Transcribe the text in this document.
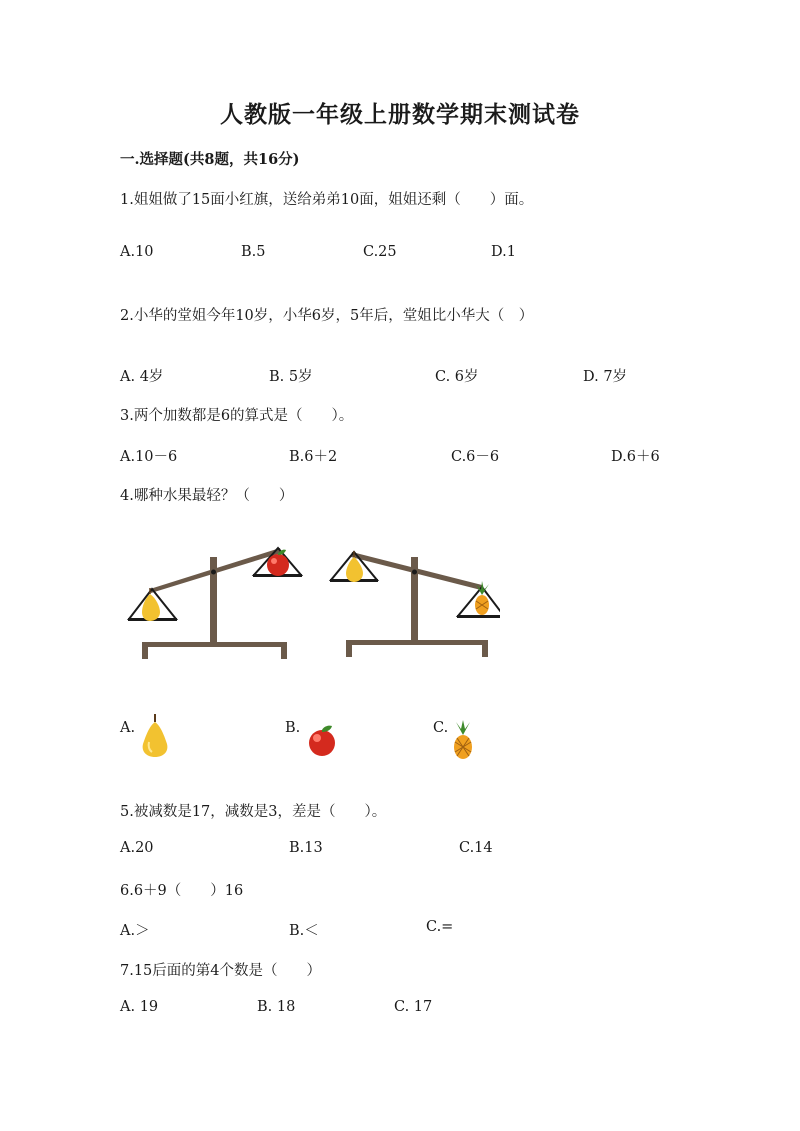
人教版一年级上册数学期末测试卷
一.选择题(共8题，共16分)
1.姐姐做了15面小红旗，送给弟弟10面，姐姐还剩（　　）面。
A.10	B.5	C.25	D.1
2.小华的堂姐今年10岁，小华6岁，5年后，堂姐比小华大（　）
A. 4岁	B. 5岁	C. 6岁	D. 7岁
3.两个加数都是6的算式是（　　）。
A.10－6	B.6＋2	C.6－6	D.6＋6
4.哪种水果最轻？（　　）
A.	B.	C.
5.被减数是17，减数是3，差是（　　）。
A.20	B.13	C.14
6.6＋9（　　）16
A.＞	B.＜	C.=
7.15后面的第4个数是（　　）
A. 19	B. 18	C. 17
